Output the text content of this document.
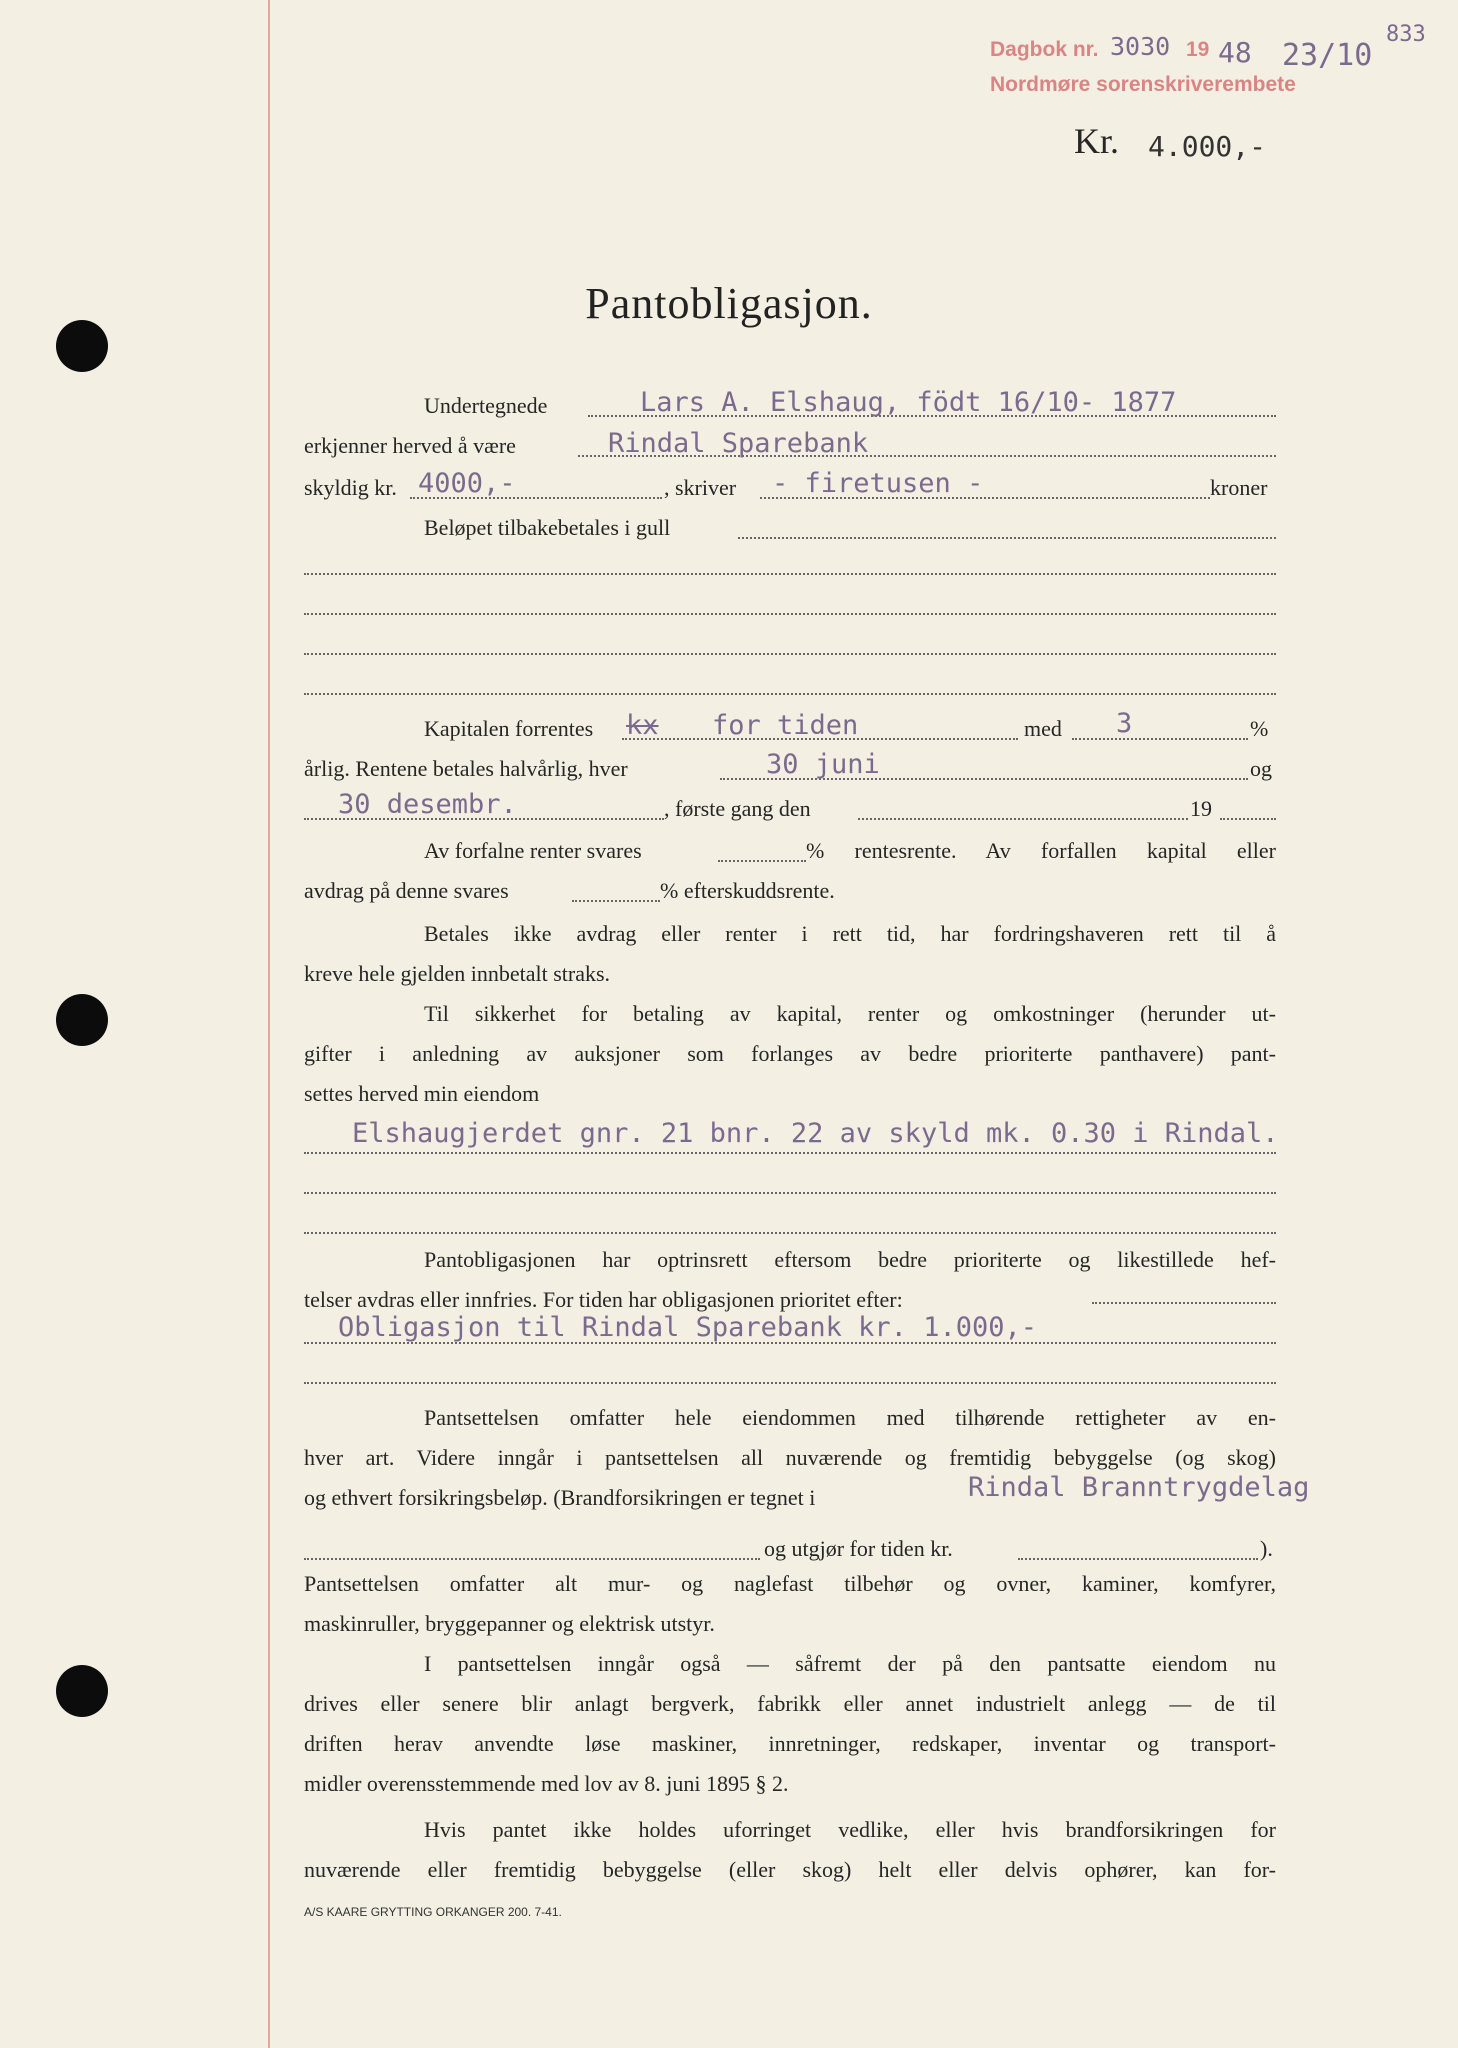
Dagbok nr. 3030 19 48 23/10
833
Nordmøre sorenskriverembete
Kr. 4.000,-
Pantobligasjon.
Undertegnede	Lars A. Elshaug, födt 16/10- 1877
erkjenner herved å være	Rindal Sparebank
skyldig kr. 4000,-	, skriver - firetusen -	kroner
Beløpet tilbakebetales i gull
Kapitalen forrentes kx for tiden	med 3	%
årlig. Rentene betales halvårlig, hver	30 juni	og
30 desembr.	, første gang den	19
Av forfalne renter svares	% rentesrente. Av forfallen kapital eller
avdrag på denne svares	% efterskuddsrente.
Betales ikke avdrag eller renter i rett tid, har fordringshaveren rett til å
kreve hele gjelden innbetalt straks.
Til sikkerhet for betaling av kapital, renter og omkostninger (herunder ut-
gifter i anledning av auksjoner som forlanges av bedre prioriterte panthavere) pant-
settes herved min eiendom
Elshaugjerdet gnr. 21 bnr. 22 av skyld mk. 0.30 i Rindal.
Pantobligasjonen har optrinsrett eftersom bedre prioriterte og likestillede hef-
telser avdras eller innfries. For tiden har obligasjonen prioritet efter:
Obligasjon til Rindal Sparebank kr. 1.000,-
Pantsettelsen omfatter hele eiendommen med tilhørende rettigheter av en-
hver art. Videre inngår i pantsettelsen all nuværende og fremtidig bebyggelse (og skog)
og ethvert forsikringsbeløp. (Brandforsikringen er tegnet i	Rindal Branntrygdelag
og utgjør for tiden kr.	).
Pantsettelsen omfatter alt mur- og naglefast tilbehør og ovner, kaminer, komfyrer,
maskinruller, bryggepanner og elektrisk utstyr.
I pantsettelsen inngår også — såfremt der på den pantsatte eiendom nu
drives eller senere blir anlagt bergverk, fabrikk eller annet industrielt anlegg — de til
driften herav anvendte løse maskiner, innretninger, redskaper, inventar og transport-
midler overensstemmende med lov av 8. juni 1895 § 2.
Hvis pantet ikke holdes uforringet vedlike, eller hvis brandforsikringen for
nuværende eller fremtidig bebyggelse (eller skog) helt eller delvis ophører, kan for-
A/S KAARE GRYTTING ORKANGER 200. 7-41.
